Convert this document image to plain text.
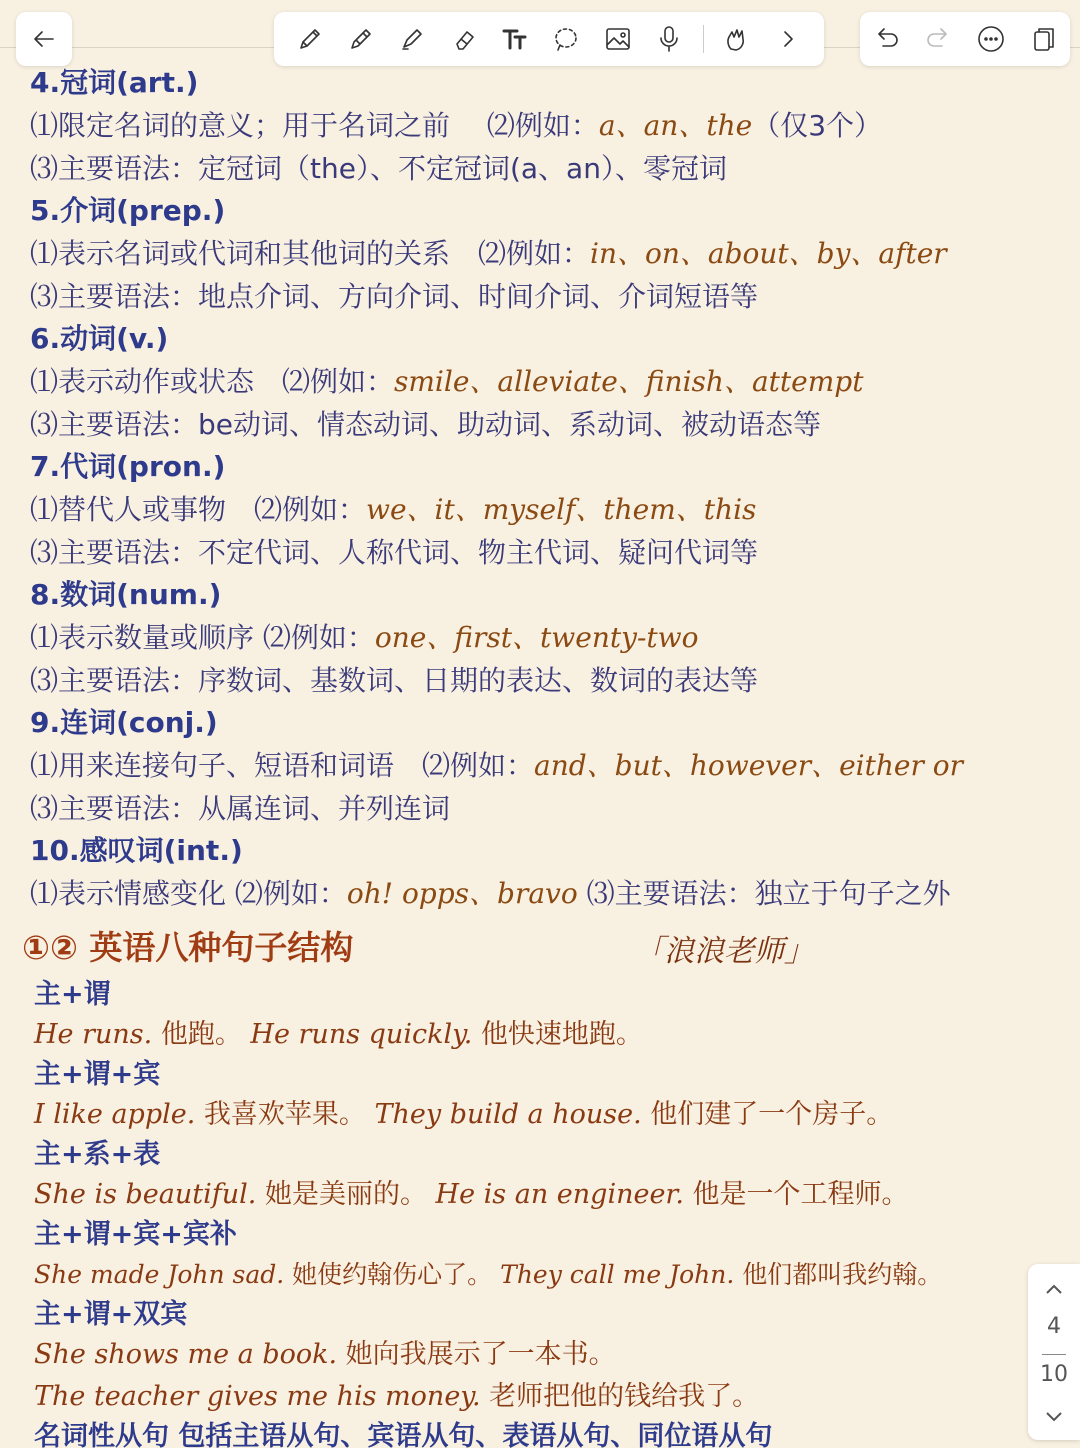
4.冠词(art.)
⑴限定名词的意义；用于名词之前　 ⑵例如：a、an、the（仅3个）
⑶主要语法：定冠词（the）、不定冠词(a、an）、零冠词
5.介词(prep.)
⑴表示名词或代词和其他词的关系　⑵例如：in、on、about、by、after
⑶主要语法：地点介词、方向介词、时间介词、介词短语等
6.动词(v.)
⑴表示动作或状态　⑵例如：smile、alleviate、finish、attempt
⑶主要语法：be动词、情态动词、助动词、系动词、被动语态等
7.代词(pron.)
⑴替代人或事物　⑵例如：we、it、myself、them、this
⑶主要语法：不定代词、人称代词、物主代词、疑问代词等
8.数词(num.)
⑴表示数量或顺序 ⑵例如：one、first、twenty-two
⑶主要语法：序数词、基数词、日期的表达、数词的表达等
9.连词(conj.)
⑴用来连接句子、短语和词语　⑵例如：and、but、however、either or
⑶主要语法：从属连词、并列连词
10.感叹词(int.)
⑴表示情感变化 ⑵例如：oh! opps、bravo ⑶主要语法：独立于句子之外
①② 英语八种句子结构	「浪浪老师」
主+谓
He runs. 他跑。 He runs quickly. 他快速地跑。
主+谓+宾
I like apple. 我喜欢苹果。 They build a house. 他们建了一个房子。
主+系+表
She is beautiful. 她是美丽的。 He is an engineer. 他是一个工程师。
主+谓+宾+宾补
She made John sad. 她使约翰伤心了。 They call me John. 他们都叫我约翰。
主+谓+双宾
She shows me a book. 她向我展示了一本书。
The teacher gives me his money. 老师把他的钱给我了。
名词性从句 包括主语从句、宾语从句、表语从句、同位语从句
4
10
